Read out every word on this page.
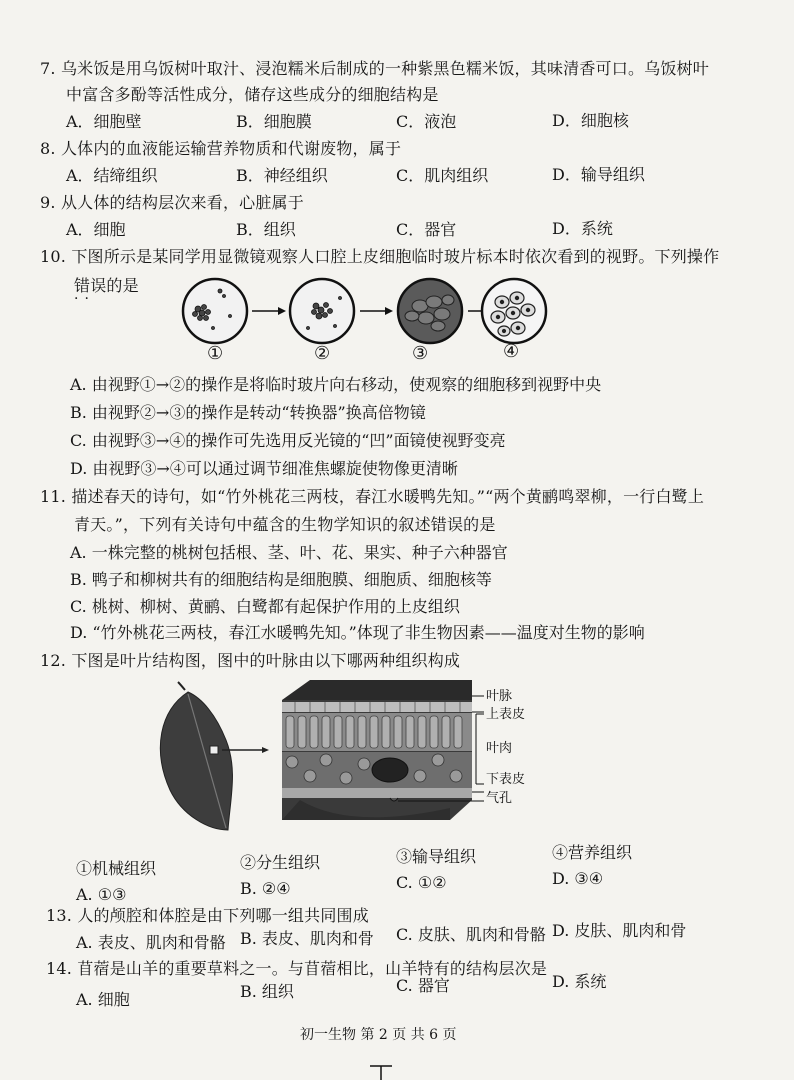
7. 乌米饭是用乌饭树叶取汁、浸泡糯米后制成的一种紫黑色糯米饭，其味清香可口。乌饭树叶
中富含多酚等活性成分，储存这些成分的细胞结构是
A．细胞壁	B．细胞膜	C．液泡	D．细胞核
8. 人体内的血液能运输营养物质和代谢废物，属于
A．结缔组织	B．神经组织	C．肌肉组织	D．输导组织
9. 从人体的结构层次来看，心脏属于
A．细胞	B．组织	C．器官	D．系统
10. 下图所示是某同学用显微镜观察人口腔上皮细胞临时玻片标本时依次看到的视野。下列操作
错误的是
··
①	②	③	④
A. 由视野①→②的操作是将临时玻片向右移动，使观察的细胞移到视野中央
B. 由视野②→③的操作是转动“转换器”换高倍物镜
C. 由视野③→④的操作可先选用反光镜的“凹”面镜使视野变亮
D. 由视野③→④可以通过调节细准焦螺旋使物像更清晰
11. 描述春天的诗句，如“竹外桃花三两枝，春江水暖鸭先知。”“两个黄鹂鸣翠柳，一行白鹭上
青天。”，下列有关诗句中蕴含的生物学知识的叙述错误的是
A. 一株完整的桃树包括根、茎、叶、花、果实、种子六种器官
B. 鸭子和柳树共有的细胞结构是细胞膜、细胞质、细胞核等
C. 桃树、柳树、黄鹂、白鹭都有起保护作用的上皮组织
D. “竹外桃花三两枝，春江水暖鸭先知。”体现了非生物因素——温度对生物的影响
12. 下图是叶片结构图，图中的叶脉由以下哪两种组织构成
叶脉
上表皮
叶肉
下表皮
气孔
①机械组织	②分生组织	③输导组织	④营养组织
A. ①③	B. ②④	C. ①②	D. ③④
13. 人的颅腔和体腔是由下列哪一组共同围成
A. 表皮、肌肉和骨骼 B. 表皮、肌肉和骨 C. 皮肤、肌肉和骨骼 D. 皮肤、肌肉和骨
14. 苜蓿是山羊的重要草料之一。与苜蓿相比，山羊特有的结构层次是
A. 细胞	B. 组织	C. 器官	D. 系统
初一生物 第 2 页 共 6 页
